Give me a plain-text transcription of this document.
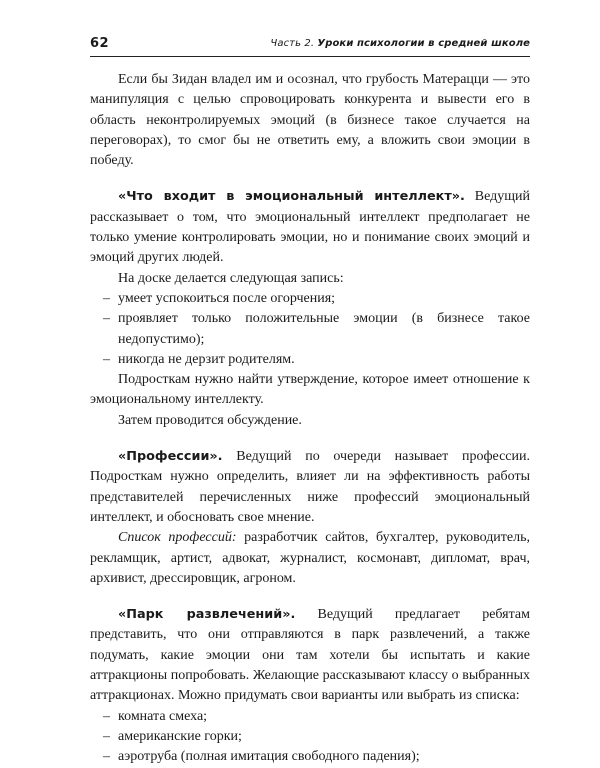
62	Часть 2. Уроки психологии в средней школе

Если бы Зидан владел им и осознал, что грубость Матерацци — это манипуляция с целью спровоцировать конкурента и вывести его в область неконтролируемых эмоций (в бизнесе такое случается на переговорах), то смог бы не ответить ему, а вложить свои эмоции в победу.

«Что входит в эмоциональный интеллект». Ведущий рассказывает о том, что эмоциональный интеллект предполагает не только умение контролировать эмоции, но и понимание своих эмоций и эмоций других людей.

На доске делается следующая запись:

– умеет успокоиться после огорчения;
– проявляет только положительные эмоции (в бизнесе такое недопустимо);
– никогда не дерзит родителям.

Подросткам нужно найти утверждение, которое имеет отношение к эмоциональному интеллекту.

Затем проводится обсуждение.

«Профессии». Ведущий по очереди называет профессии. Подросткам нужно определить, влияет ли на эффективность работы представителей перечисленных ниже профессий эмоциональный интеллект, и обосновать свое мнение.

Список профессий: разработчик сайтов, бухгалтер, руководитель, рекламщик, артист, адвокат, журналист, космонавт, дипломат, врач, архивист, дрессировщик, агроном.

«Парк развлечений». Ведущий предлагает ребятам представить, что они отправляются в парк развлечений, а также подумать, какие эмоции они там хотели бы испытать и какие аттракционы попробовать. Желающие рассказывают классу о выбранных аттракционах. Можно придумать свои варианты или выбрать из списка:

– комната смеха;
– американские горки;
– аэротруба (полная имитация свободного падения);
